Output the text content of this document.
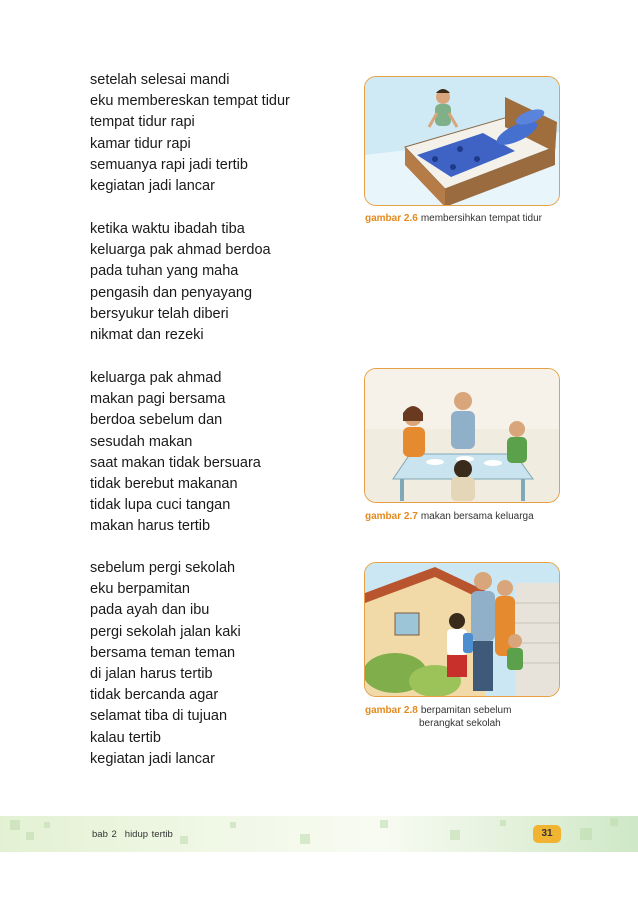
setelah selesai mandi
eku membereskan tempat tidur
tempat tidur rapi
kamar tidur rapi
semuanya rapi jadi tertib
kegiatan jadi lancar
ketika waktu ibadah tiba
keluarga pak ahmad berdoa
pada tuhan yang maha
pengasih dan penyayang
bersyukur telah diberi
nikmat dan rezeki
keluarga pak ahmad
makan pagi bersama
berdoa sebelum dan
sesudah makan
saat makan tidak bersuara
tidak berebut makanan
tidak lupa cuci tangan
makan harus tertib
sebelum pergi sekolah
eku berpamitan
pada ayah dan ibu
pergi sekolah jalan kaki
bersama teman teman
di jalan harus tertib
tidak bercanda agar
selamat tiba di tujuan
kalau tertib
kegiatan jadi lancar
gambar 2.6 membersihkan tempat tidur
gambar 2.7 makan bersama keluarga
gambar 2.8 berpamitan sebelum
berangkat sekolah
bab 2 hidup tertib	31
